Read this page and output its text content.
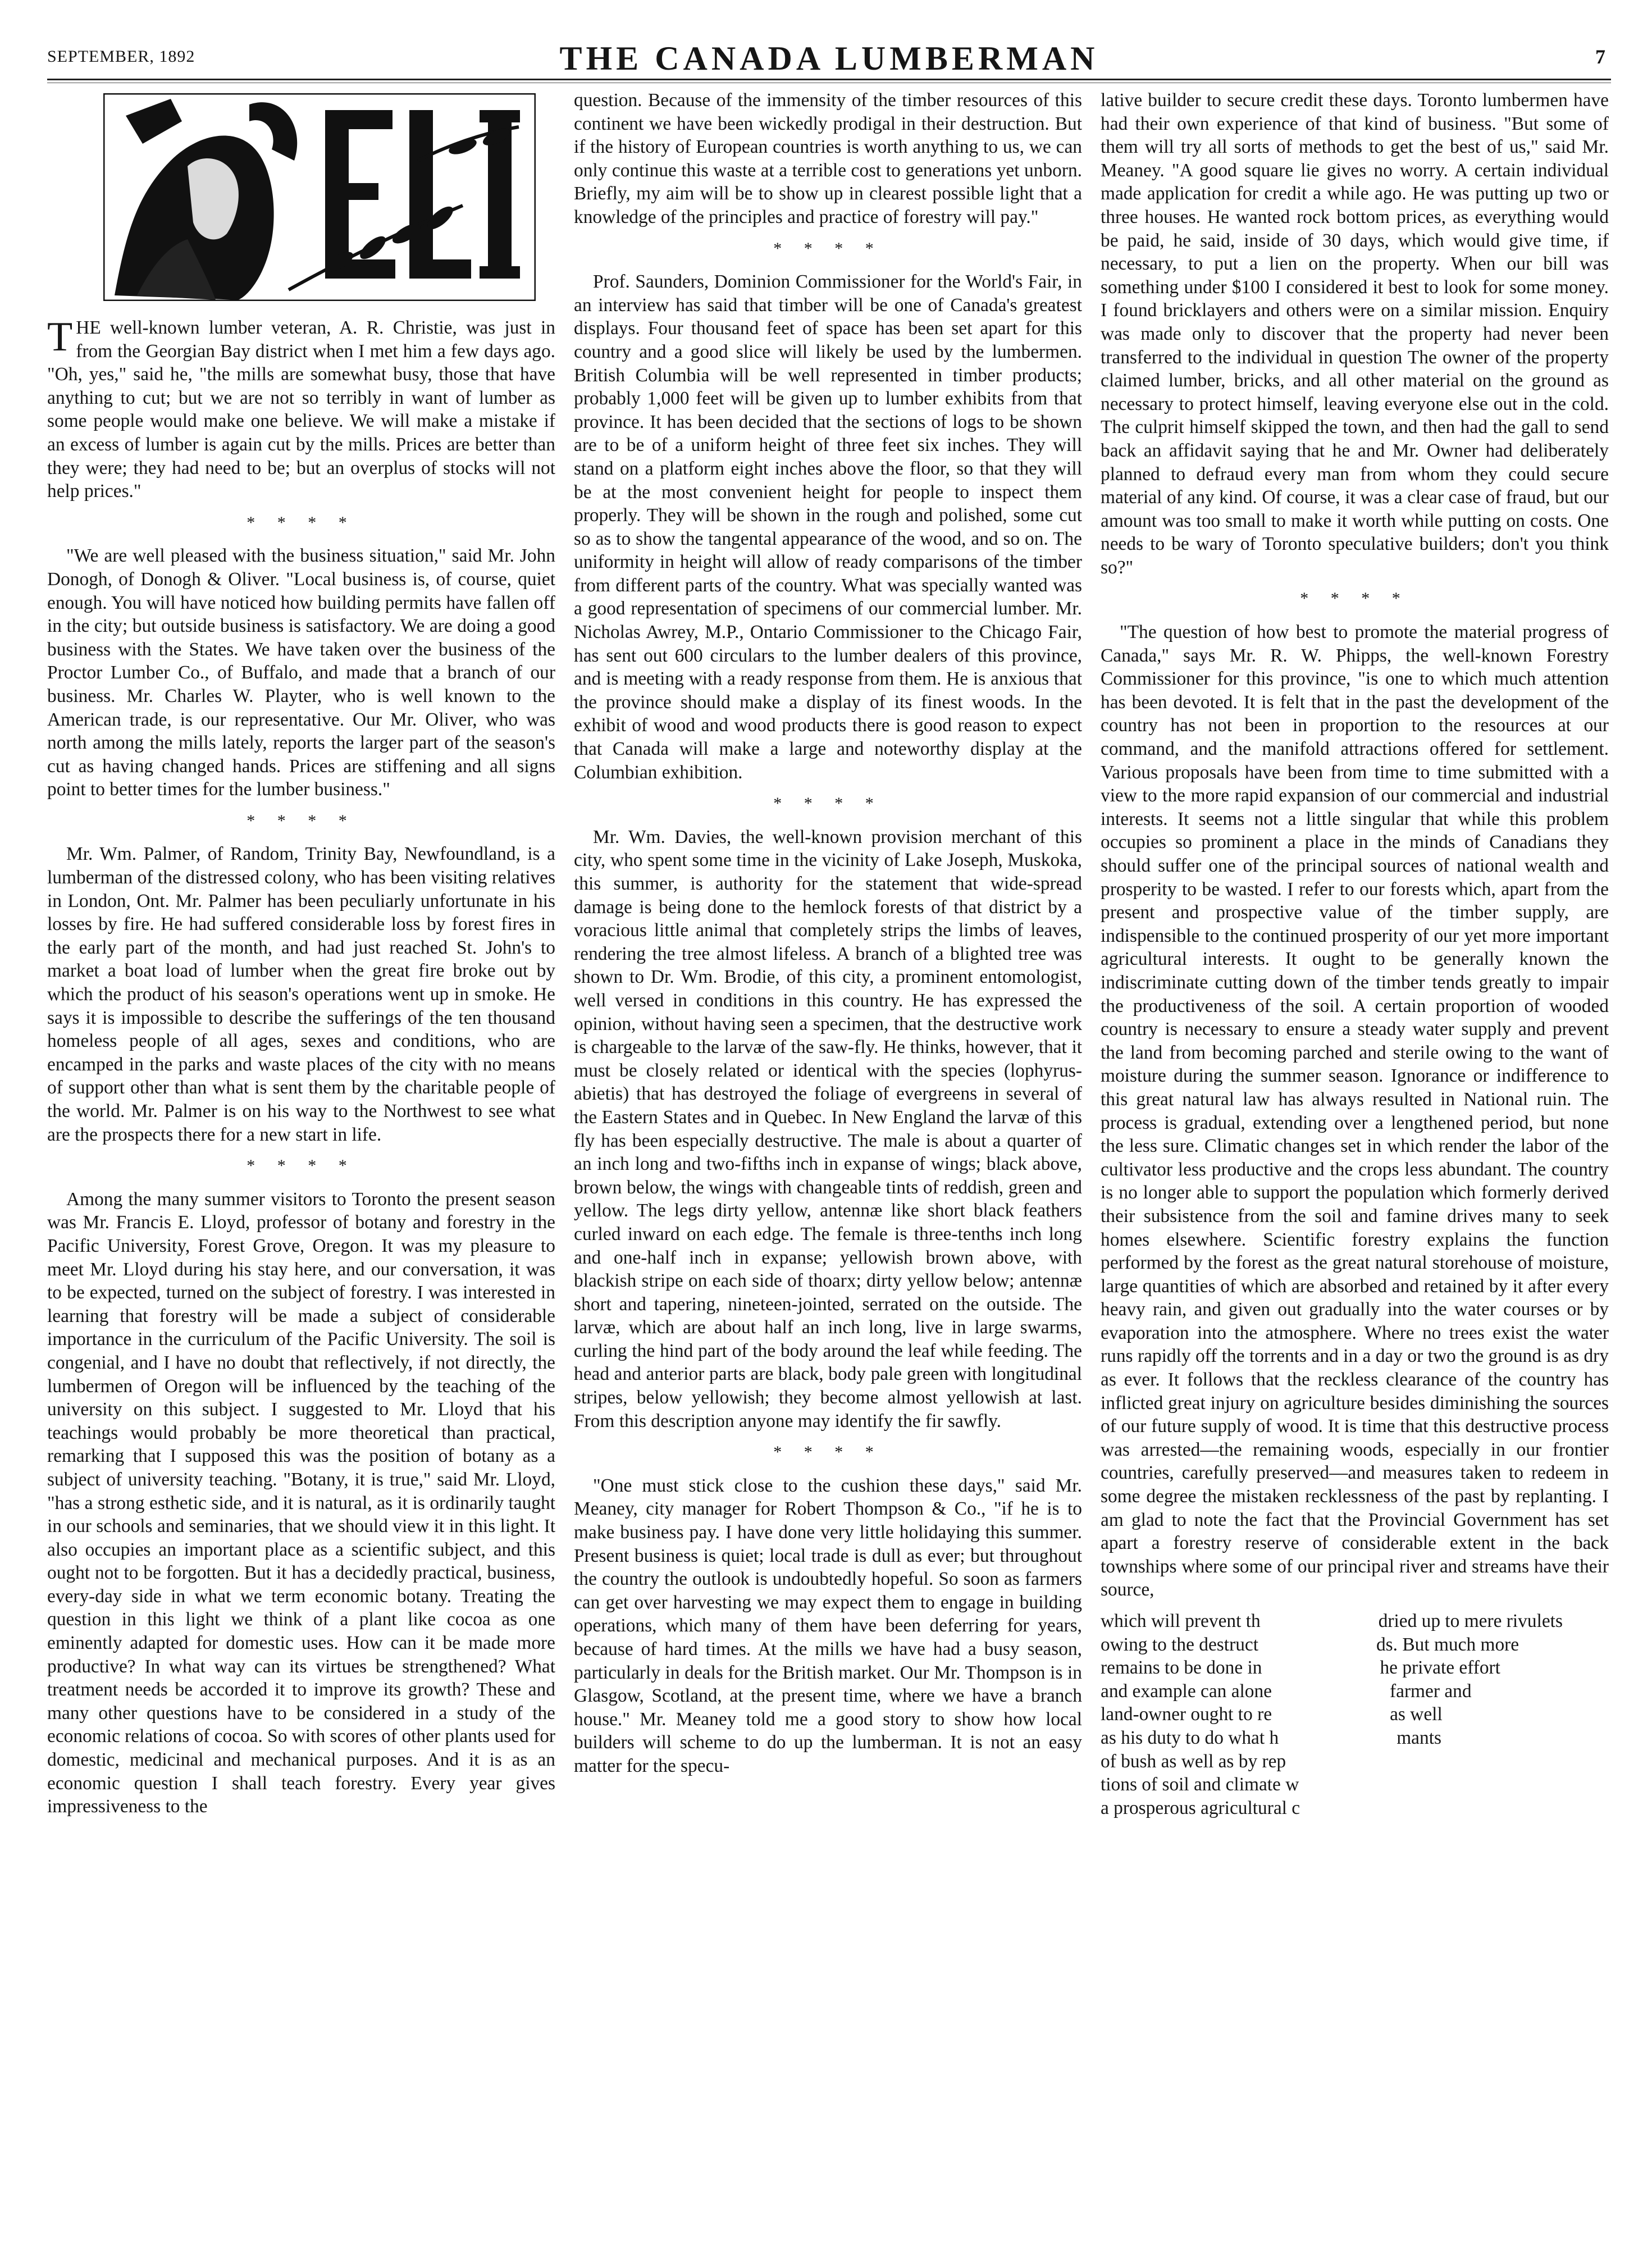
SEPTEMBER, 1892	THE CANADA LUMBERMAN	7

THE well-known lumber veteran, A. R. Christie, was just in from the Georgian Bay district when I met him a few days ago. "Oh, yes," said he, "the mills are somewhat busy, those that have anything to cut; but we are not so terribly in want of lumber as some people would make one believe. We will make a mistake if an excess of lumber is again cut by the mills. Prices are better than they were; they had need to be; but an overplus of stocks will not help prices."

* * * *

"We are well pleased with the business situation," said Mr. John Donogh, of Donogh & Oliver. "Local business is, of course, quiet enough. You will have noticed how building permits have fallen off in the city; but outside business is satisfactory. We are doing a good business with the States. We have taken over the business of the Proctor Lumber Co., of Buffalo, and made that a branch of our business. Mr. Charles W. Playter, who is well known to the American trade, is our representative. Our Mr. Oliver, who was north among the mills lately, reports the larger part of the season's cut as having changed hands. Prices are stiffening and all signs point to better times for the lumber business."

* * * *

Mr. Wm. Palmer, of Random, Trinity Bay, Newfoundland, is a lumberman of the distressed colony, who has been visiting relatives in London, Ont. Mr. Palmer has been peculiarly unfortunate in his losses by fire. He had suffered considerable loss by forest fires in the early part of the month, and had just reached St. John's to market a boat load of lumber when the great fire broke out by which the product of his season's operations went up in smoke. He says it is impossible to describe the sufferings of the ten thousand homeless people of all ages, sexes and conditions, who are encamped in the parks and waste places of the city with no means of support other than what is sent them by the charitable people of the world. Mr. Palmer is on his way to the Northwest to see what are the prospects there for a new start in life.

* * * *

Among the many summer visitors to Toronto the present season was Mr. Francis E. Lloyd, professor of botany and forestry in the Pacific University, Forest Grove, Oregon. It was my pleasure to meet Mr. Lloyd during his stay here, and our conversation, it was to be expected, turned on the subject of forestry. I was interested in learning that forestry will be made a subject of considerable importance in the curriculum of the Pacific University. The soil is congenial, and I have no doubt that reflectively, if not directly, the lumbermen of Oregon will be influenced by the teaching of the university on this subject. I suggested to Mr. Lloyd that his teachings would probably be more theoretical than practical, remarking that I supposed this was the position of botany as a subject of university teaching. "Botany, it is true," said Mr. Lloyd, "has a strong esthetic side, and it is natural, as it is ordinarily taught in our schools and seminaries, that we should view it in this light. It also occupies an important place as a scientific subject, and this ought not to be forgotten. But it has a decidedly practical, business, every-day side in what we term economic botany. Treating the question in this light we think of a plant like cocoa as one eminently adapted for domestic uses. How can it be made more productive? In what way can its virtues be strengthened? What treatment needs be accorded it to improve its growth? These and many other questions have to be considered in a study of the economic relations of cocoa. So with scores of other plants used for domestic, medicinal and mechanical purposes. And it is as an economic question I shall teach forestry. Every year gives impressiveness to the

question. Because of the immensity of the timber resources of this continent we have been wickedly prodigal in their destruction. But if the history of European countries is worth anything to us, we can only continue this waste at a terrible cost to generations yet unborn. Briefly, my aim will be to show up in clearest possible light that a knowledge of the principles and practice of forestry will pay."

* * * *

Prof. Saunders, Dominion Commissioner for the World's Fair, in an interview has said that timber will be one of Canada's greatest displays. Four thousand feet of space has been set apart for this country and a good slice will likely be used by the lumbermen. British Columbia will be well represented in timber products; probably 1,000 feet will be given up to lumber exhibits from that province. It has been decided that the sections of logs to be shown are to be of a uniform height of three feet six inches. They will stand on a platform eight inches above the floor, so that they will be at the most convenient height for people to inspect them properly. They will be shown in the rough and polished, some cut so as to show the tangental appearance of the wood, and so on. The uniformity in height will allow of ready comparisons of the timber from different parts of the country. What was specially wanted was a good representation of specimens of our commercial lumber. Mr. Nicholas Awrey, M.P., Ontario Commissioner to the Chicago Fair, has sent out 600 circulars to the lumber dealers of this province, and is meeting with a ready response from them. He is anxious that the province should make a display of its finest woods. In the exhibit of wood and wood products there is good reason to expect that Canada will make a large and noteworthy display at the Columbian exhibition.

* * * *

Mr. Wm. Davies, the well-known provision merchant of this city, who spent some time in the vicinity of Lake Joseph, Muskoka, this summer, is authority for the statement that wide-spread damage is being done to the hemlock forests of that district by a voracious little animal that completely strips the limbs of leaves, rendering the tree almost lifeless. A branch of a blighted tree was shown to Dr. Wm. Brodie, of this city, a prominent entomologist, well versed in conditions in this country. He has expressed the opinion, without having seen a specimen, that the destructive work is chargeable to the larvæ of the saw-fly. He thinks, however, that it must be closely related or identical with the species (lophyrus-abietis) that has destroyed the foliage of evergreens in several of the Eastern States and in Quebec. In New England the larvæ of this fly has been especially destructive. The male is about a quarter of an inch long and two-fifths inch in expanse of wings; black above, brown below, the wings with changeable tints of reddish, green and yellow. The legs dirty yellow, antennæ like short black feathers curled inward on each edge. The female is three-tenths inch long and one-half inch in expanse; yellowish brown above, with blackish stripe on each side of thoarx; dirty yellow below; antennæ short and tapering, nineteen-jointed, serrated on the outside. The larvæ, which are about half an inch long, live in large swarms, curling the hind part of the body around the leaf while feeding. The head and anterior parts are black, body pale green with longitudinal stripes, below yellowish; they become almost yellowish at last. From this description anyone may identify the fir sawfly.

* * * *

"One must stick close to the cushion these days," said Mr. Meaney, city manager for Robert Thompson & Co., "if he is to make business pay. I have done very little holidaying this summer. Present business is quiet; local trade is dull as ever; but throughout the country the outlook is undoubtedly hopeful. So soon as farmers can get over harvesting we may expect them to engage in building operations, which many of them have been deferring for years, because of hard times. At the mills we have had a busy season, particularly in deals for the British market. Our Mr. Thompson is in Glasgow, Scotland, at the present time, where we have a branch house." Mr. Meaney told me a good story to show how local builders will scheme to do up the lumberman. It is not an easy matter for the specu-

lative builder to secure credit these days. Toronto lumbermen have had their own experience of that kind of business. "But some of them will try all sorts of methods to get the best of us," said Mr. Meaney. "A good square lie gives no worry. A certain individual made application for credit a while ago. He was putting up two or three houses. He wanted rock bottom prices, as everything would be paid, he said, inside of 30 days, which would give time, if necessary, to put a lien on the property. When our bill was something under $100 I considered it best to look for some money. I found bricklayers and others were on a similar mission. Enquiry was made only to discover that the property had never been transferred to the individual in question The owner of the property claimed lumber, bricks, and all other material on the ground as necessary to protect himself, leaving everyone else out in the cold. The culprit himself skipped the town, and then had the gall to send back an affidavit saying that he and Mr. Owner had deliberately planned to defraud every man from whom they could secure material of any kind. Of course, it was a clear case of fraud, but our amount was too small to make it worth while putting on costs. One needs to be wary of Toronto speculative builders; don't you think so?"

* * * *

"The question of how best to promote the material progress of Canada," says Mr. R. W. Phipps, the well-known Forestry Commissioner for this province, "is one to which much attention has been devoted. It is felt that in the past the development of the country has not been in proportion to the resources at our command, and the manifold attractions offered for settlement. Various proposals have been from time to time submitted with a view to the more rapid expansion of our commercial and industrial interests. It seems not a little singular that while this problem occupies so prominent a place in the minds of Canadians they should suffer one of the principal sources of national wealth and prosperity to be wasted. I refer to our forests which, apart from the present and prospective value of the timber supply, are indispensible to the continued prosperity of our yet more important agricultural interests. It ought to be generally known the indiscriminate cutting down of the timber tends greatly to impair the productiveness of the soil. A certain proportion of wooded country is necessary to ensure a steady water supply and prevent the land from becoming parched and sterile owing to the want of moisture during the summer season. Ignorance or indifference to this great natural law has always resulted in National ruin. The process is gradual, extending over a lengthened period, but none the less sure. Climatic changes set in which render the labor of the cultivator less productive and the crops less abundant. The country is no longer able to support the population which formerly derived their subsistence from the soil and famine drives many to seek homes elsewhere. Scientific forestry explains the function performed by the forest as the great natural storehouse of moisture, large quantities of which are absorbed and retained by it after every heavy rain, and given out gradually into the water courses or by evaporation into the atmosphere. Where no trees exist the water runs rapidly off the torrents and in a day or two the ground is as dry as ever. It follows that the reckless clearance of the country has inflicted great injury on agriculture besides diminishing the sources of our future supply of wood. It is time that this destructive process was arrested—the remaining woods, especially in our frontier countries, carefully preserved—and measures taken to redeem in some degree the mistaken recklessness of the past by replanting. I am glad to note the fact that the Provincial Government has set apart a forestry reserve of considerable extent in the back townships where some of our principal river and streams have their source,

which will prevent th	dried up to mere rivulets
owing to the destruct	ds. But much more
remains to be done in	he private effort
and example can alone	farmer and
land-owner ought to re	as well
as his duty to do what h	mants
of bush as well as by rep
tions of soil and climate w
a prosperous agricultural c
